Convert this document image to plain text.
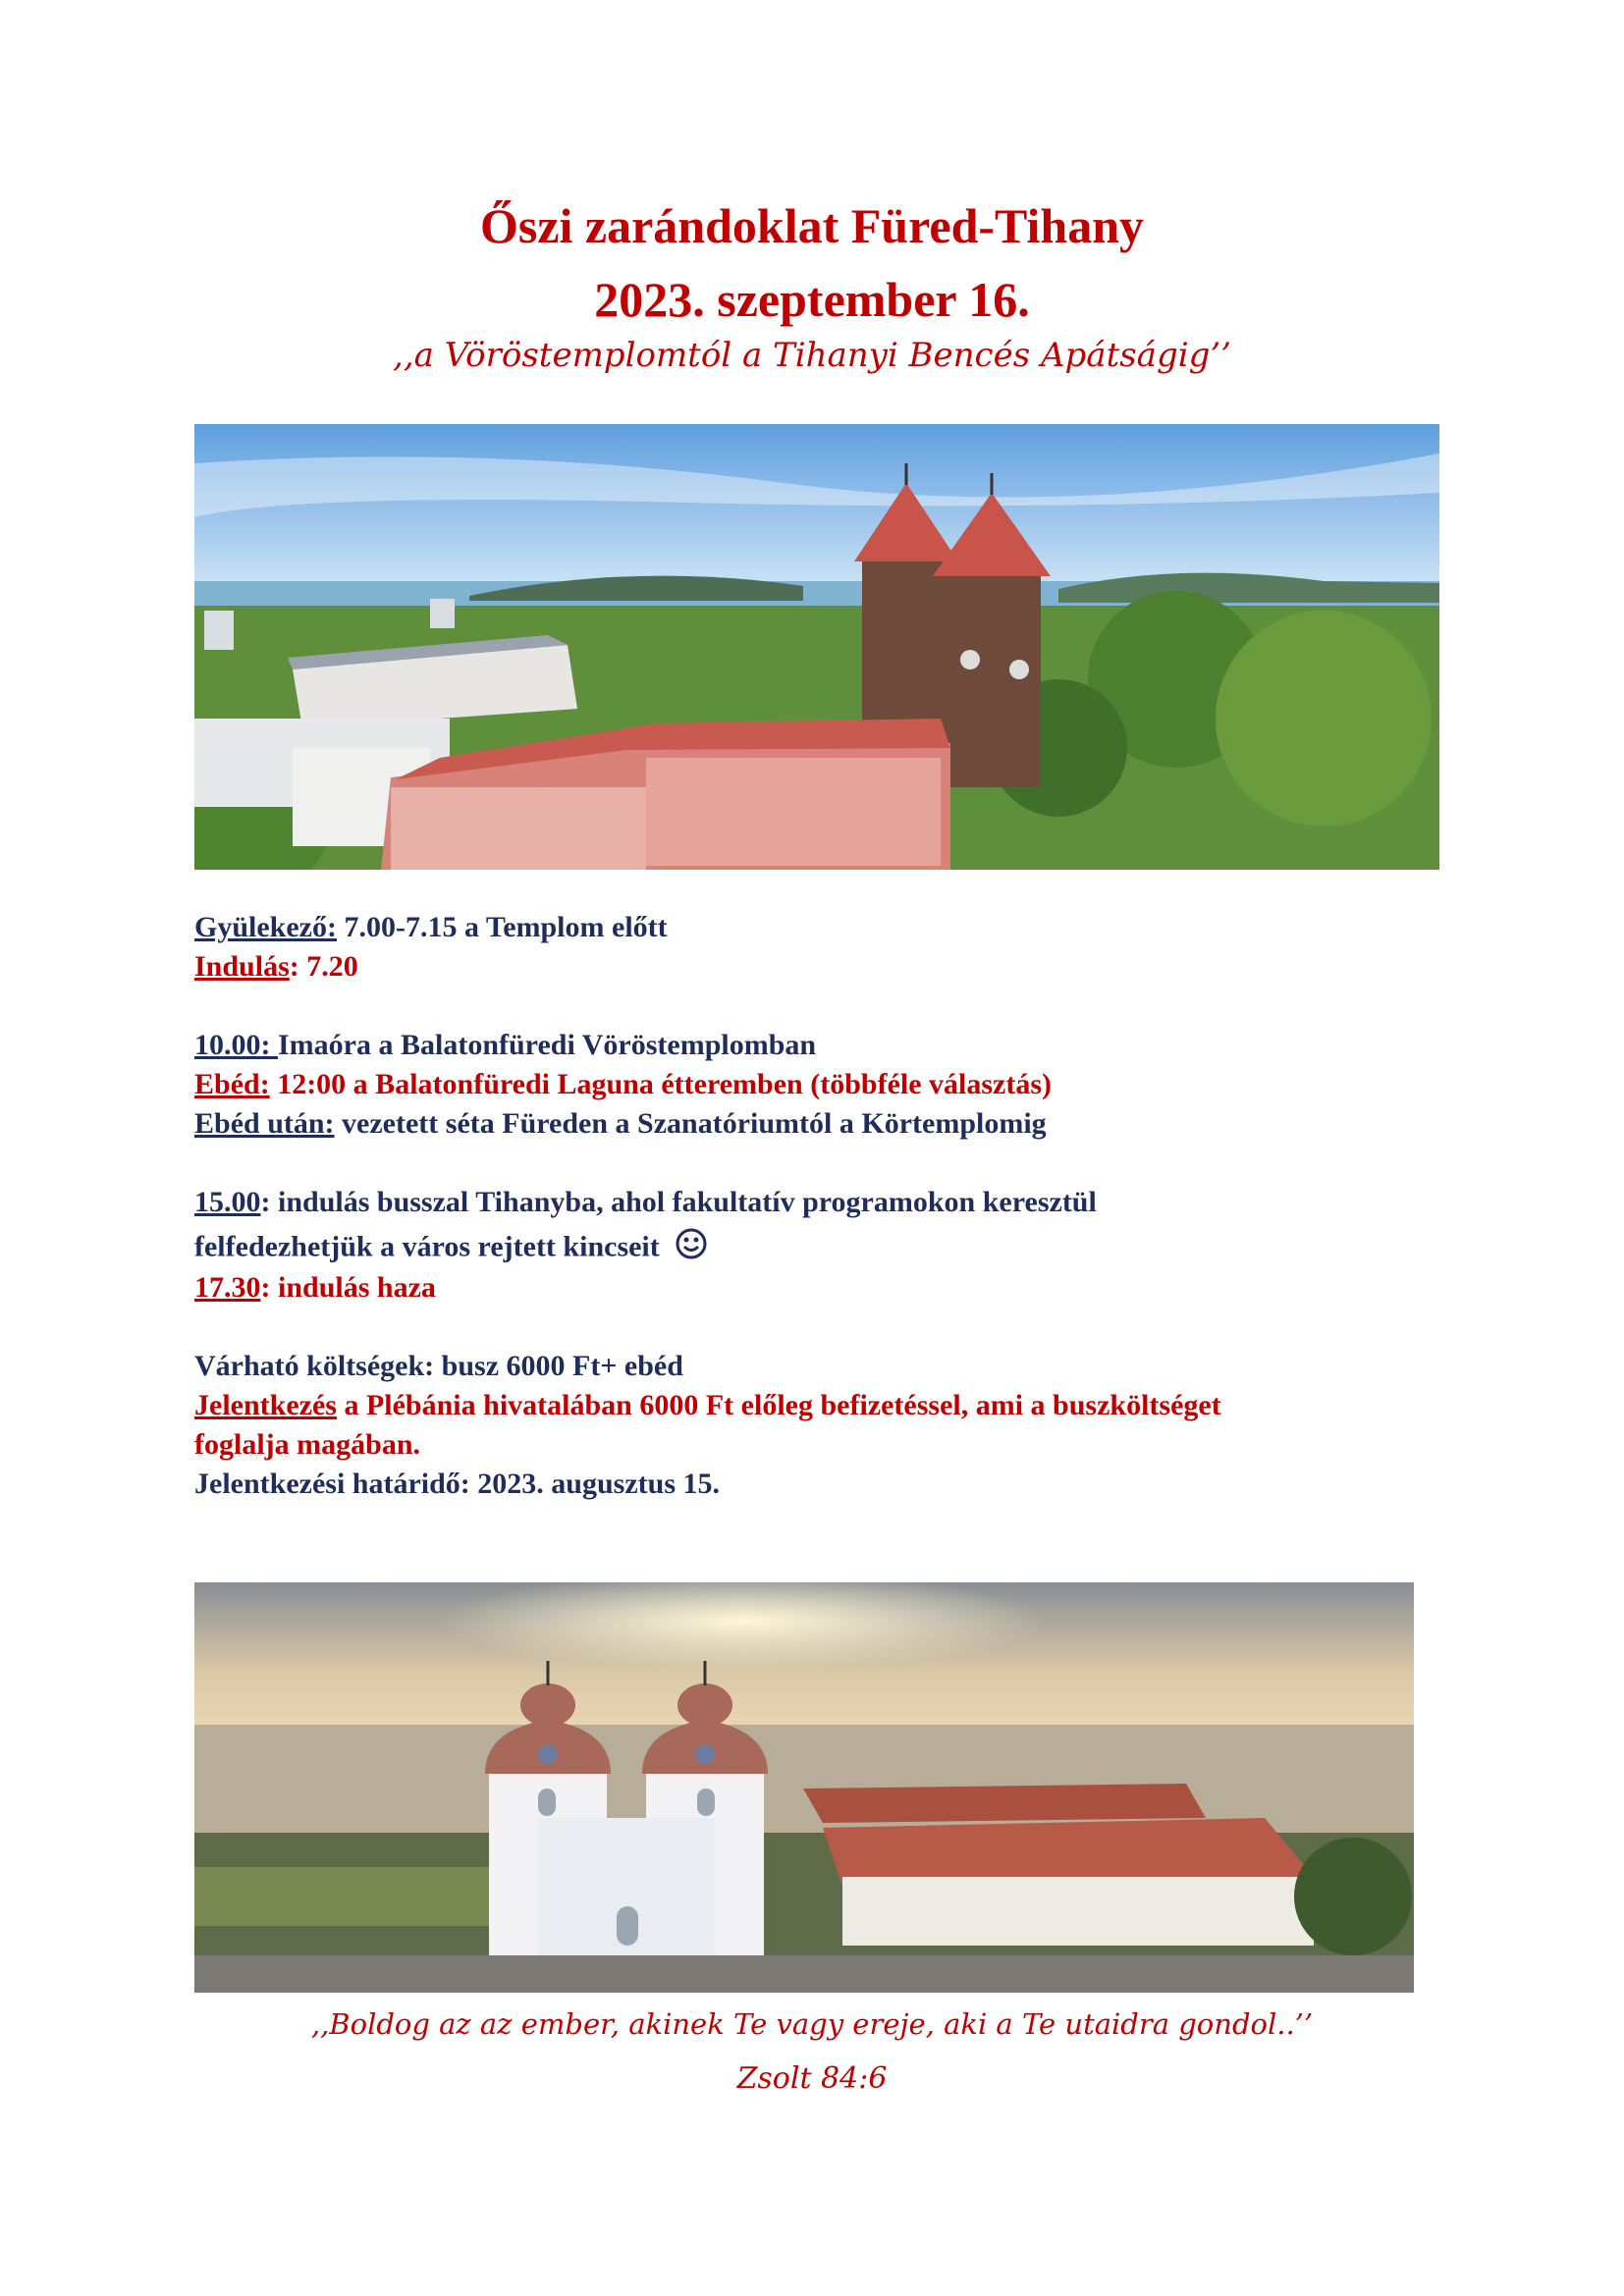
Őszi zarándoklat Füred-Tihany
2023. szeptember 16.
,,a Vöröstemplomtól a Tihanyi Bencés Apátságig’’
Gyülekező: 7.00-7.15 a Templom előtt
Indulás: 7.20
10.00: Imaóra a Balatonfüredi Vöröstemplomban
Ebéd: 12:00 a Balatonfüredi Laguna étteremben (többféle választás)
Ebéd után: vezetett séta Füreden a Szanatóriumtól a Körtemplomig
15.00: indulás busszal Tihanyba, ahol fakultatív programokon keresztül
felfedezhetjük a város rejtett kincseit
17.30: indulás haza
Várható költségek: busz 6000 Ft+ ebéd
Jelentkezés a Plébánia hivatalában 6000 Ft előleg befizetéssel, ami a buszköltséget
foglalja magában.
Jelentkezési határidő: 2023. augusztus 15.
,,Boldog az az ember, akinek Te vagy ereje, aki a Te utaidra gondol..’’
Zsolt 84:6
